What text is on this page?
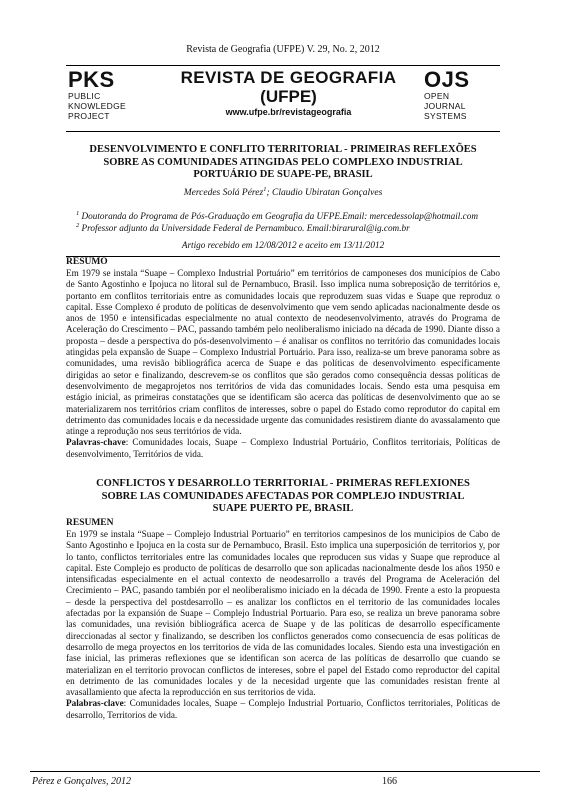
Revista de Geografia (UFPE) V. 29, No. 2, 2012
PKS
PUBLIC
KNOWLEDGE
PROJECT
REVISTA DE GEOGRAFIA
(UFPE)
www.ufpe.br/revistageografia
OJS
OPEN
JOURNAL
SYSTEMS
DESENVOLVIMENTO E CONFLITO TERRITORIAL - PRIMEIRAS REFLEXÕES
SOBRE AS COMUNIDADES ATINGIDAS PELO COMPLEXO INDUSTRIAL
PORTUÁRIO DE SUAPE-PE, BRASIL
Mercedes Solá Pérez$^1$; Claudio Ubiratan Gonçalves
$^1$ Doutoranda do Programa de Pós-Graduação em Geografia da UFPE.Email: mercedessolap@hotmail.com
$^2$ Professor adjunto da Universidade Federal de Pernambuco. Email:birarural@ig.com.br
Artigo recebido em 12/08/2012 e aceito em 13/11/2012
RESUMO
Em 1979 se instala “Suape – Complexo Industrial Portuário” em territórios de camponeses dos municípios de Cabo de Santo Agostinho e Ipojuca no litoral sul de Pernambuco, Brasil. Isso implica numa sobreposição de territórios e, portanto em conflitos territoriais entre as comunidades locais que reproduzem suas vidas e Suape que reproduz o capital. Esse Complexo é produto de políticas de desenvolvimento que vem sendo aplicadas nacionalmente desde os anos de 1950 e intensificadas especialmente no atual contexto de neodesenvolvimento, através do Programa de Aceleração do Crescimento – PAC, passando também pelo neoliberalismo iniciado na década de 1990. Diante disso a proposta – desde a perspectiva do pós-desenvolvimento – é analisar os conflitos no território das comunidades locais atingidas pela expansão de Suape – Complexo Industrial Portuário. Para isso, realiza-se um breve panorama sobre as comunidades, uma revisão bibliográfica acerca de Suape e das políticas de desenvolvimento especificamente dirigidas ao setor e finalizando, descrevem-se os conflitos que são gerados como consequência dessas políticas de desenvolvimento de megaprojetos nos territórios de vida das comunidades locais. Sendo esta uma pesquisa em estágio inicial, as primeiras constatações que se identificam são acerca das políticas de desenvolvimento que ao se materializarem nos territórios criam conflitos de interesses, sobre o papel do Estado como reprodutor do capital em detrimento das comunidades locais e da necessidade urgente das comunidades resistirem diante do avassalamento que atinge a reprodução nos seus territórios de vida.
Palavras-chave: Comunidades locais, Suape – Complexo Industrial Portuário, Conflitos territoriais, Políticas de desenvolvimento, Territórios de vida.
CONFLICTOS Y DESARROLLO TERRITORIAL - PRIMERAS REFLEXIONES
SOBRE LAS COMUNIDADES AFECTADAS POR COMPLEJO INDUSTRIAL
SUAPE PUERTO PE, BRASIL
RESUMEN
En 1979 se instala “Suape – Complejo Industrial Portuario” en territorios campesinos de los municipios de Cabo de Santo Agostinho e Ipojuca en la costa sur de Pernambuco, Brasil. Esto implica una superposición de territorios y, por lo tanto, conflictos territoriales entre las comunidades locales que reproducen sus vidas y Suape que reproduce al capital. Este Complejo es producto de políticas de desarrollo que son aplicadas nacionalmente desde los años 1950 e intensificadas especialmente en el actual contexto de neodesarrollo a través del Programa de Aceleración del Crecimiento – PAC, pasando también por el neoliberalismo iniciado en la década de 1990. Frente a esto la propuesta – desde la perspectiva del postdesarrollo – es analizar los conflictos en el territorio de las comunidades locales afectadas por la expansión de Suape – Complejo Industrial Portuario. Para eso, se realiza un breve panorama sobre las comunidades, una revisión bibliográfica acerca de Suape y de las políticas de desarrollo específicamente direccionadas al sector y finalizando, se describen los conflictos generados como consecuencia de esas políticas de desarrollo de mega proyectos en los territorios de vida de las comunidades locales. Siendo esta una investigación en fase inicial, las primeras reflexiones que se identifican son acerca de las políticas de desarrollo que cuando se materializan en el territorio provocan conflictos de intereses, sobre el papel del Estado como reproductor del capital en detrimento de las comunidades locales y de la necesidad urgente que las comunidades resistan frente al avasallamiento que afecta la reproducción en sus territorios de vida.
Palabras-clave: Comunidades locales, Suape – Complejo Industrial Portuario, Conflictos territoriales, Políticas de desarrollo, Territorios de vida.
Pérez e Gonçalves, 2012	166
